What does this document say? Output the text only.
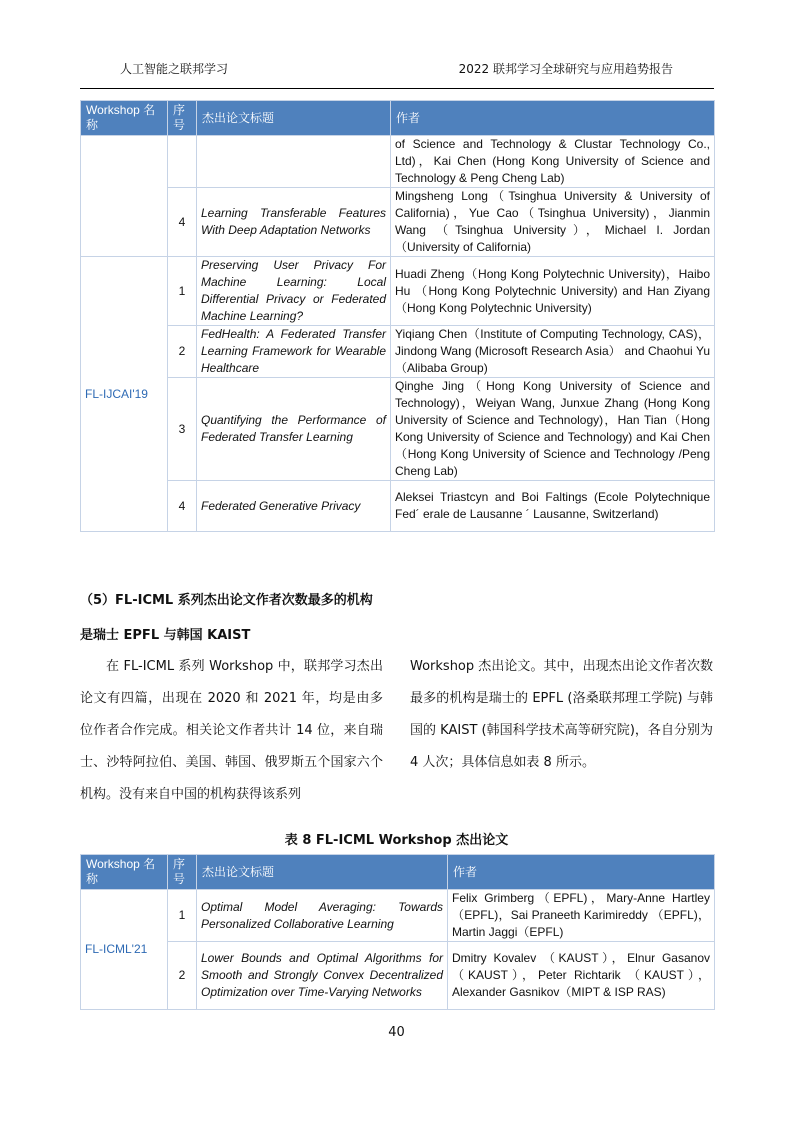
人工智能之联邦学习	2022 联邦学习全球研究与应用趋势报告
Workshop 名称	序号	杰出论文标题	作者
			of Science and Technology & Clustar Technology Co., Ltd)，Kai Chen (Hong Kong University of Science and Technology & Peng Cheng Lab)
	4	Learning Transferable Features With Deep Adaptation Networks	Mingsheng Long（Tsinghua University & University of California)，Yue Cao（Tsinghua University)，Jianmin Wang （Tsinghua University），Michael I. Jordan（University of California)
FL-IJCAI'19	1	Preserving User Privacy For Machine Learning: Local Differential Privacy or Federated Machine Learning?	Huadi Zheng（Hong Kong Polytechnic University)，Haibo Hu （Hong Kong Polytechnic University) and Han Ziyang（Hong Kong Polytechnic University)
	2	FedHealth: A Federated Transfer Learning Framework for Wearable Healthcare	Yiqiang Chen（Institute of Computing Technology, CAS)，Jindong Wang (Microsoft Research Asia） and Chaohui Yu（Alibaba Group)
	3	Quantifying the Performance of Federated Transfer Learning	Qinghe Jing（Hong Kong University of Science and Technology)，Weiyan Wang, Junxue Zhang (Hong Kong University of Science and Technology)，Han Tian（Hong Kong University of Science and Technology) and Kai Chen（Hong Kong University of Science and Technology /Peng Cheng Lab)
	4	Federated Generative Privacy	Aleksei Triastcyn and Boi Faltings (Ecole Polytechnique Fed´ erale de Lausanne ´ Lausanne, Switzerland)
（5）FL-ICML 系列杰出论文作者次数最多的机构
是瑞士 EPFL 与韩国 KAIST

在 FL-ICML 系列 Workshop 中，联邦学习杰出论文有四篇，出现在 2020 和 2021 年，均是由多位作者合作完成。相关论文作者共计 14 位，来自瑞士、沙特阿拉伯、美国、韩国、俄罗斯五个国家六个机构。没有来自中国的机构获得该系列

Workshop 杰出论文。其中，出现杰出论文作者次数最多的机构是瑞士的 EPFL (洛桑联邦理工学院) 与韩国的 KAIST (韩国科学技术高等研究院)，各自分别为 4 人次；具体信息如表 8 所示。

表 8 FL-ICML Workshop 杰出论文
Workshop 名称	序号	杰出论文标题	作者
FL-ICML'21	1	Optimal Model Averaging: Towards Personalized Collaborative Learning	Felix Grimberg（EPFL)，Mary-Anne Hartley （EPFL)，Sai Praneeth Karimireddy （EPFL)，Martin Jaggi（EPFL)
	2	Lower Bounds and Optimal Algorithms for Smooth and Strongly Convex Decentralized Optimization over Time-Varying Networks	Dmitry Kovalev （KAUST），Elnur Gasanov （KAUST），Peter Richtarik （KAUST）， Alexander Gasnikov（MIPT & ISP RAS)
40
